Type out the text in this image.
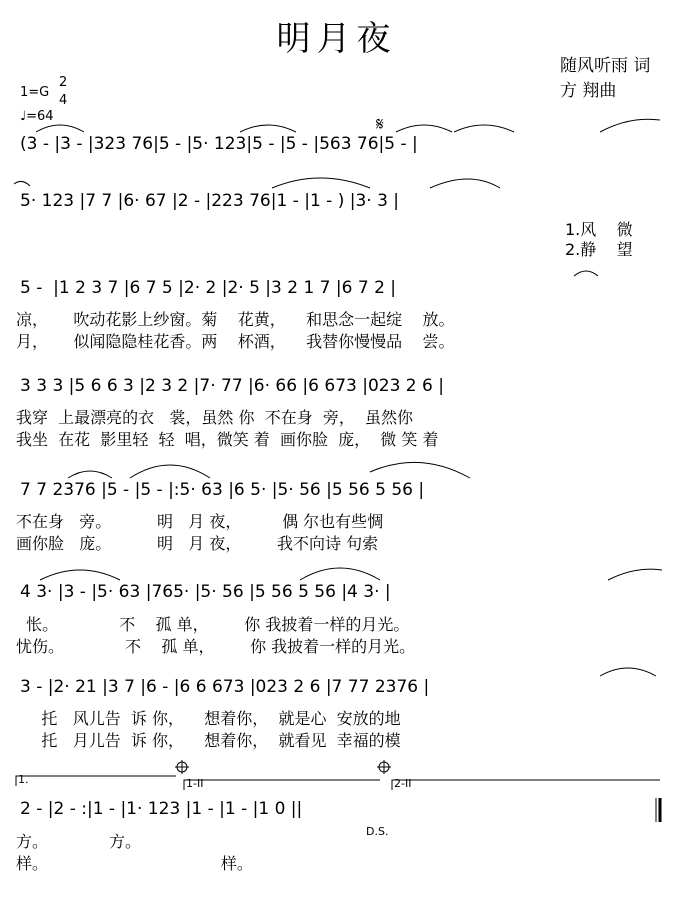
明月夜
随风听雨 词
方 翔曲
1=G
2
4
♩=64
(3 - |3 - |323 76|5 - |5· 123|5 - |5 - |563 76|5 - |
5· 123 |7 7 |6· 67 |2 - |223 76|1 - |1 - ) |3· 3 |
1.风    微
2.静    望
5 -  |1 2 3 7 |6 7 5 |2· 2 |2· 5 |3 2 1 7 |6 7 2 |
凉，     吹动花影上纱窗。菊    花黄，    和思念一起绽    放。
月，     似闻隐隐桂花香。两    杯酒，    我替你慢慢品    尝。
3 3 3 |5 6 6 3 |2 3 2 |7· 77 |6· 66 |6 673 |023 2 6 |
我穿  上最漂亮的衣   裳，虽然 你  不在身  旁，  虽然你
我坐  在花  影里轻  轻  唱，微笑 着  画你脸  庞，  微 笑 着
7 7 2376 |5 - |5 - |:5· 63 |6 5· |5· 56 |5 56 5 56 |
不在身   旁。         明   月 夜，        偶 尔也有些惆
画你脸   庞。         明   月 夜，       我不向诗 句索
4 3· |3 - |5· 63 |765· |5· 56 |5 56 5 56 |4 3· |
怅。            不    孤 单，       你 我披着一样的月光。
忧伤。            不    孤 单，       你 我披着一样的月光。
3 - |2· 21 |3 7 |6 - |6 6 673 |023 2 6 |7 77 2376 |
托   风儿告  诉 你，    想着你，  就是心  安放的地
托   月儿告  诉 你，    想着你，  就看见  幸福的模
1.	1-II	2-II
2 - |2 - :|1 - |1· 123 |1 - |1 - |1 0 ||
D.S.
方。            方。
样。                                  样。
𝄋
